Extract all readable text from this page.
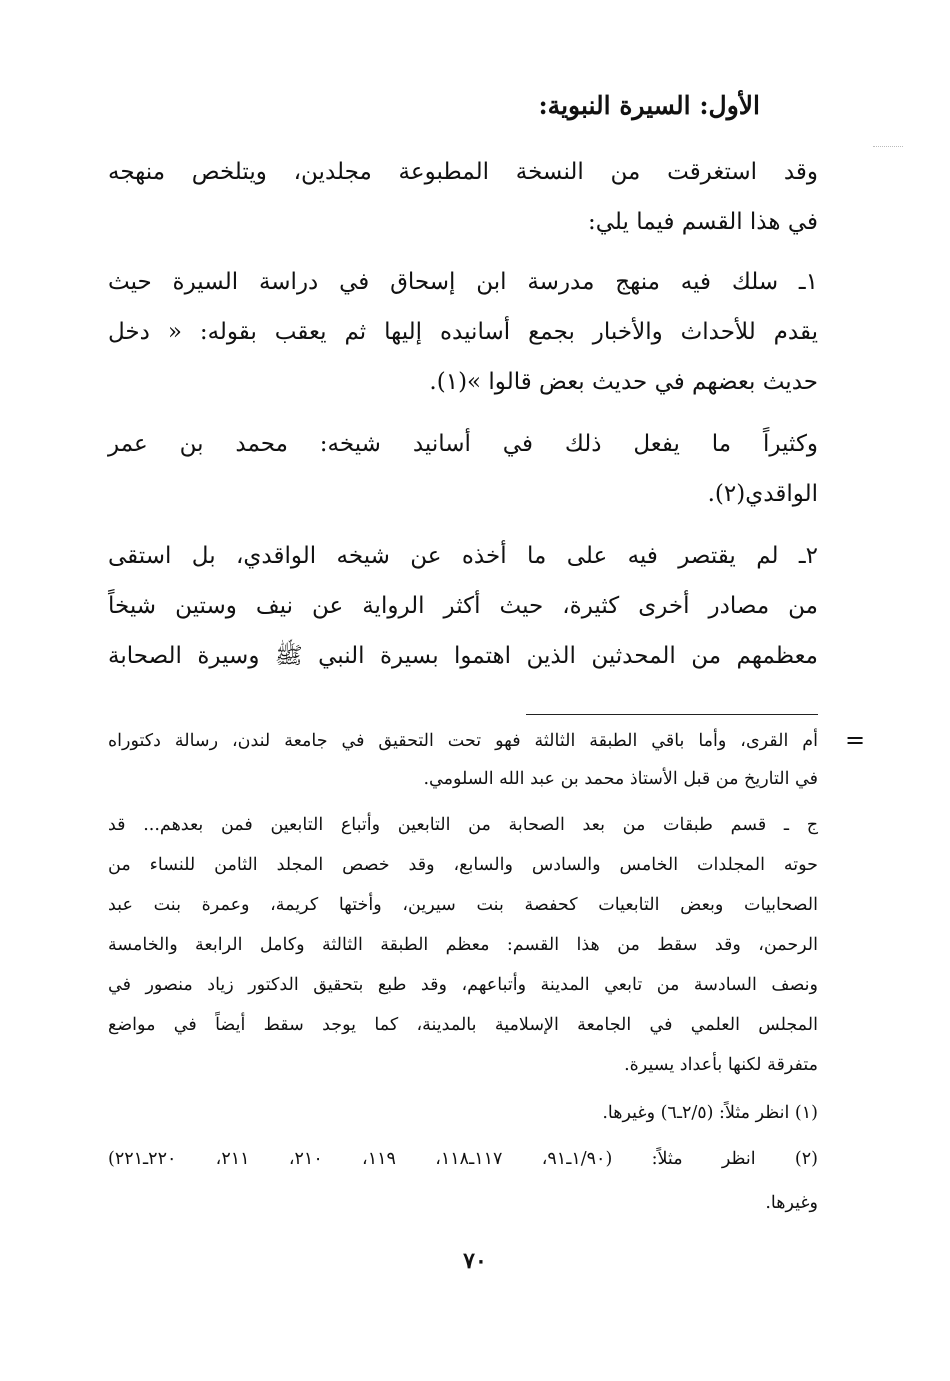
الأول: السيرة النبوية:
وقد استغرقت من النسخة المطبوعة مجلدين، ويتلخص منهجه
في هذا القسم فيما يلي:
١ـ سلك فيه منهج مدرسة ابن إسحاق في دراسة السيرة حيث
يقدم للأحداث والأخبار بجمع أسانيده إليها ثم يعقب بقوله: « دخل
حديث بعضهم في حديث بعض قالوا »(١).
وكثيراً ما يفعل ذلك في أسانيد شيخه: محمد بن عمر
الواقدي(٢).
٢ـ لم يقتصر فيه على ما أخذه عن شيخه الواقدي، بل استقى
من مصادر أخرى كثيرة، حيث أكثر الرواية عن نيف وستين شيخاً
معظمهم من المحدثين الذين اهتموا بسيرة النبي ﷺ وسيرة الصحابة
=
أم القرى، وأما باقي الطبقة الثالثة فهو تحت التحقيق في جامعة لندن، رسالة دكتوراه
في التاريخ من قبل الأستاذ محمد بن عبد الله السلومي.
ج ـ قسم طبقات من بعد الصحابة من التابعين وأتباع التابعين فمن بعدهم... قد
حوته المجلدات الخامس والسادس والسابع، وقد خصص المجلد الثامن للنساء من
الصحابيات وبعض التابعيات كحفصة بنت سيرين، وأختها كريمة، وعمرة بنت عبد
الرحمن، وقد سقط من هذا القسم: معظم الطبقة الثالثة وكامل الرابعة والخامسة
ونصف السادسة من تابعي المدينة وأتباعهم، وقد طبع بتحقيق الدكتور زياد منصور في
المجلس العلمي في الجامعة الإسلامية بالمدينة، كما يوجد سقط أيضاً في مواضع
متفرقة لكنها بأعداد يسيرة.
(١) انظر مثلاً: (٢/٥ـ٦) وغيرها.
(٢) انظر مثلاً: (١/٩٠ـ٩١، ١١٧ـ١١٨، ١١٩، ٢١٠، ٢١١، ٢٢٠ـ٢٢١)
وغيرها.
٧٠
